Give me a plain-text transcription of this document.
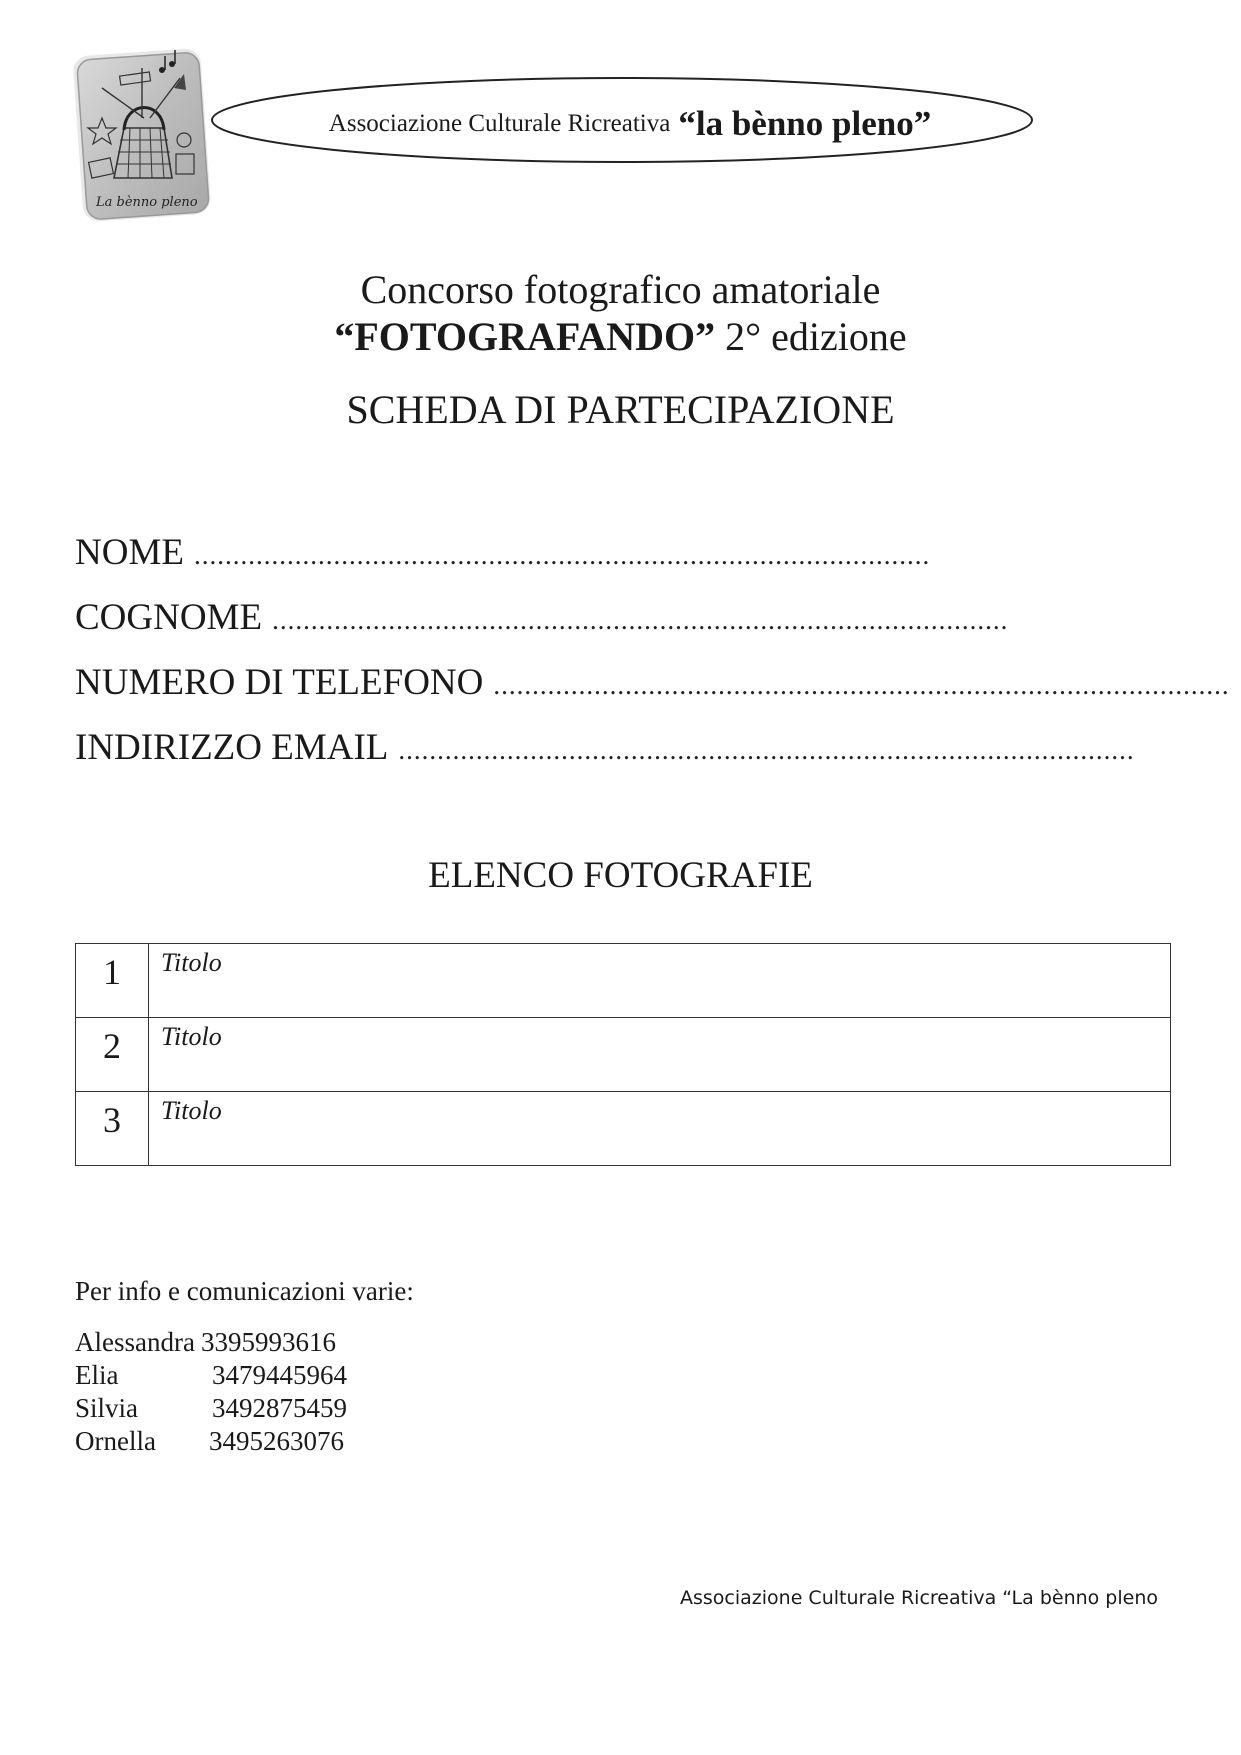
La bènno pleno
Associazione Culturale Ricreativa “la bènno pleno”
Concorso fotografico amatoriale
“FOTOGRAFANDO” 2° edizione
SCHEDA DI PARTECIPAZIONE
NOME ...............................................................................................
COGNOME ...............................................................................................
NUMERO DI TELEFONO ...............................................................................................
INDIRIZZO EMAIL ...............................................................................................
ELENCO FOTOGRAFIE
1	Titolo
2	Titolo
3	Titolo
Per info e comunicazioni varie:
Alessandra 3395993616
Elia	3479445964
Silvia	3492875459
Ornella 3495263076
Associazione Culturale Ricreativa “La bènno pleno
